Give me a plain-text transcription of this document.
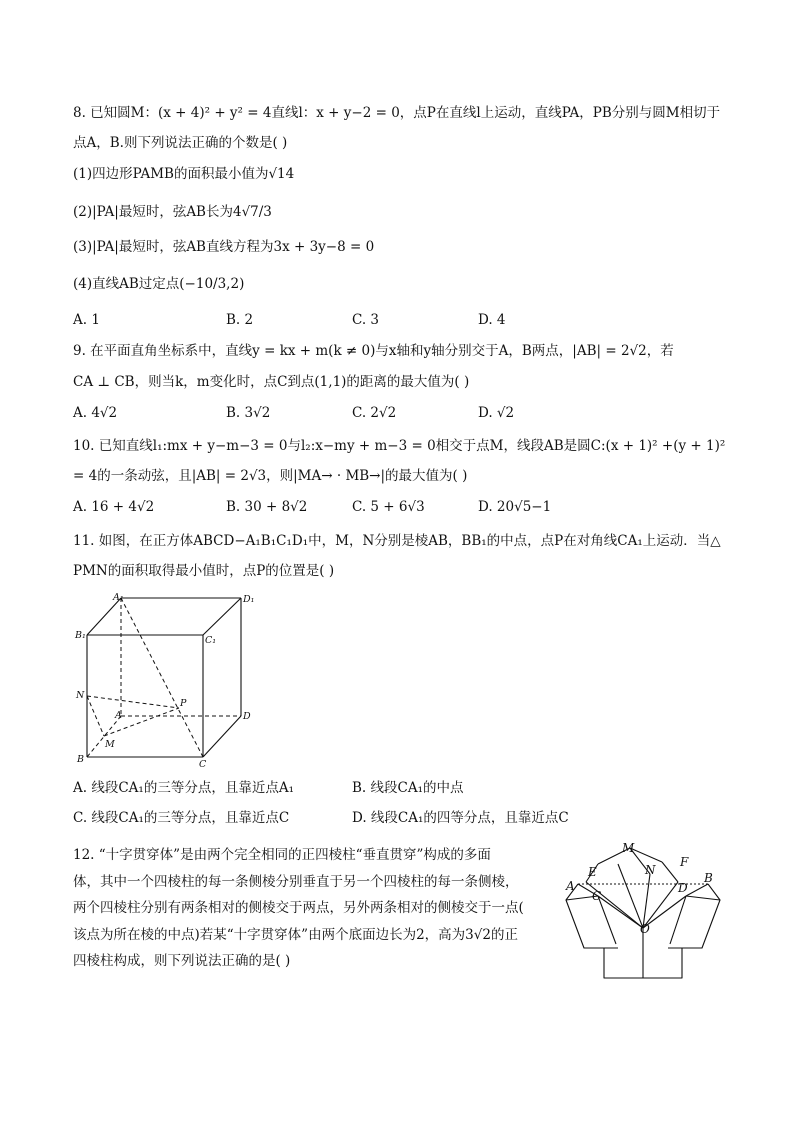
8. 已知圆M：(x + 4)² + y² = 4直线l：x + y−2 = 0，点P在直线l上运动，直线PA，PB分别与圆M相切于
点A，B.则下列说法正确的个数是( )
(1)四边形PAMB的面积最小值为√14
(2)|PA|最短时，弦AB长为4√7/3
(3)|PA|最短时，弦AB直线方程为3x + 3y−8 = 0
(4)直线AB过定点(−10/3,2)
A. 1	B. 2	C. 3	D. 4
9. 在平面直角坐标系中，直线y = kx + m(k ≠ 0)与x轴和y轴分别交于A，B两点，|AB| = 2√2，若
CA ⊥ CB，则当k，m变化时，点C到点(1,1)的距离的最大值为( )
A. 4√2	B. 3√2	C. 2√2	D. √2
10. 已知直线l₁:mx + y−m−3 = 0与l₂:x−my + m−3 = 0相交于点M，线段AB是圆C:(x + 1)² +(y + 1)²
= 4的一条动弦，且|AB| = 2√3，则|MA→ · MB→|的最大值为( )
A. 16 + 4√2	B. 30 + 8√2	C. 5 + 6√3	D. 20√5−1
11. 如图，在正方体ABCD−A₁B₁C₁D₁中，M，N分别是棱AB，BB₁的中点，点P在对角线CA₁上运动．当△
PMN的面积取得最小值时，点P的位置是( )
A₁	D₁
B₁	C₁
N
A
P
D
M
B	C
A. 线段CA₁的三等分点，且靠近点A₁	B. 线段CA₁的中点
C. 线段CA₁的三等分点，且靠近点C	D. 线段CA₁的四等分点，且靠近点C
12. “十字贯穿体”是由两个完全相同的正四棱柱“垂直贯穿”构成的多面
体，其中一个四棱柱的每一条侧棱分别垂直于另一个四棱柱的每一条侧棱，
两个四棱柱分别有两条相对的侧棱交于两点，另外两条相对的侧棱交于一点(
该点为所在棱的中点)若某“十字贯穿体”由两个底面边长为2，高为3√2的正
四棱柱构成，则下列说法正确的是( )
M
F
E	N
A
C
D
B
O
